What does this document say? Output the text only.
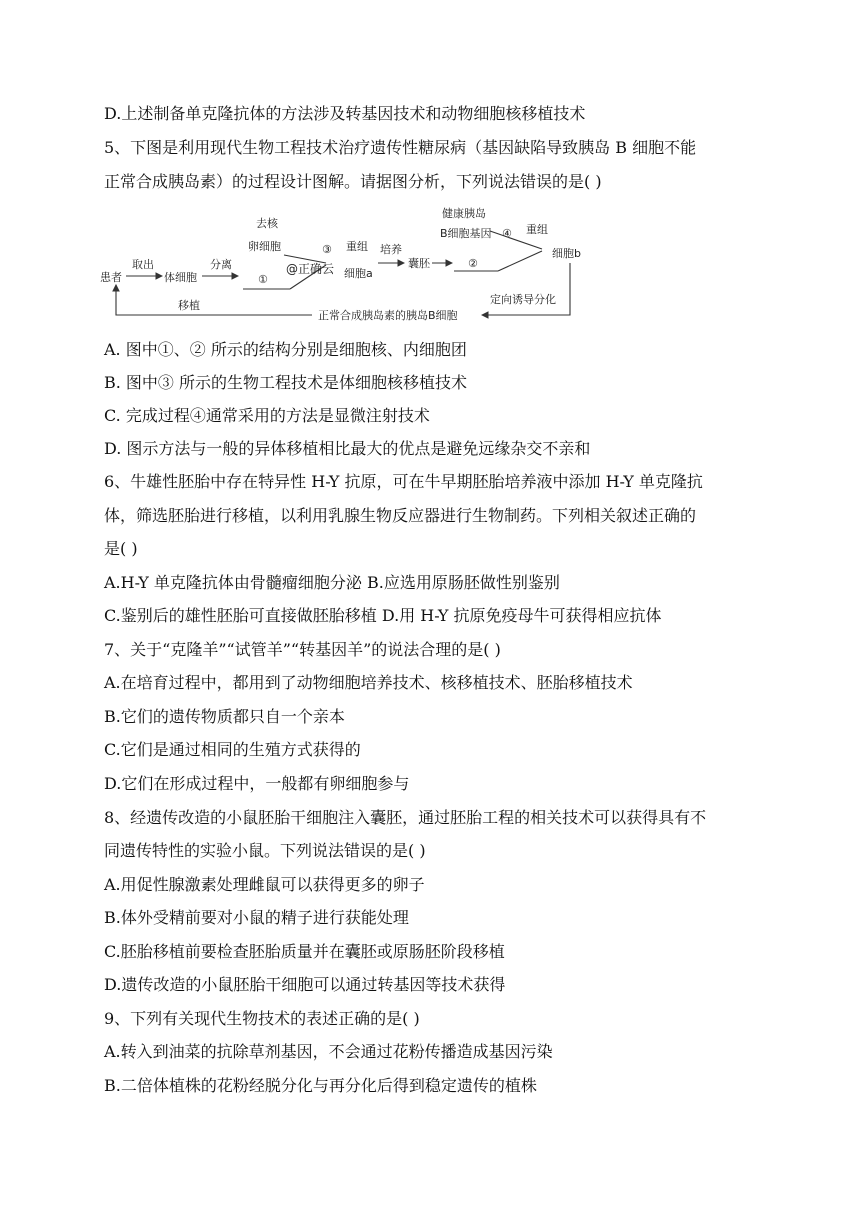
D.上述制备单克隆抗体的方法涉及转基因技术和动物细胞核移植技术
5、下图是利用现代生物工程技术治疗遗传性糖尿病（基因缺陷导致胰岛 B 细胞不能
正常合成胰岛素）的过程设计图解。请据图分析，下列说法错误的是( )
患者
取出
体细胞
分离
①
去核
卵细胞
@正确云
③ 重组
细胞a
培养
囊胚	②
健康胰岛
B细胞基因 ④ 重组
细胞b
定向诱导分化
正常合成胰岛素的胰岛B细胞
移植
A. 图中①、② 所示的结构分别是细胞核、内细胞团
B. 图中③ 所示的生物工程技术是体细胞核移植技术
C. 完成过程④通常采用的方法是显微注射技术
D. 图示方法与一般的异体移植相比最大的优点是避免远缘杂交不亲和
6、牛雄性胚胎中存在特异性 H-Y 抗原，可在牛早期胚胎培养液中添加 H-Y 单克隆抗
体，筛选胚胎进行移植，以利用乳腺生物反应器进行生物制药。下列相关叙述正确的
是( )
A.H-Y 单克隆抗体由骨髓瘤细胞分泌 B.应选用原肠胚做性别鉴别
C.鉴别后的雄性胚胎可直接做胚胎移植 D.用 H-Y 抗原免疫母牛可获得相应抗体
7、关于“克隆羊”“试管羊”“转基因羊”的说法合理的是( )
A.在培育过程中，都用到了动物细胞培养技术、核移植技术、胚胎移植技术
B.它们的遗传物质都只自一个亲本
C.它们是通过相同的生殖方式获得的
D.它们在形成过程中，一般都有卵细胞参与
8、经遗传改造的小鼠胚胎干细胞注入囊胚，通过胚胎工程的相关技术可以获得具有不
同遗传特性的实验小鼠。下列说法错误的是( )
A.用促性腺激素处理雌鼠可以获得更多的卵子
B.体外受精前要对小鼠的精子进行获能处理
C.胚胎移植前要检查胚胎质量并在囊胚或原肠胚阶段移植
D.遗传改造的小鼠胚胎干细胞可以通过转基因等技术获得
9、下列有关现代生物技术的表述正确的是( )
A.转入到油菜的抗除草剂基因，不会通过花粉传播造成基因污染
B.二倍体植株的花粉经脱分化与再分化后得到稳定遗传的植株
